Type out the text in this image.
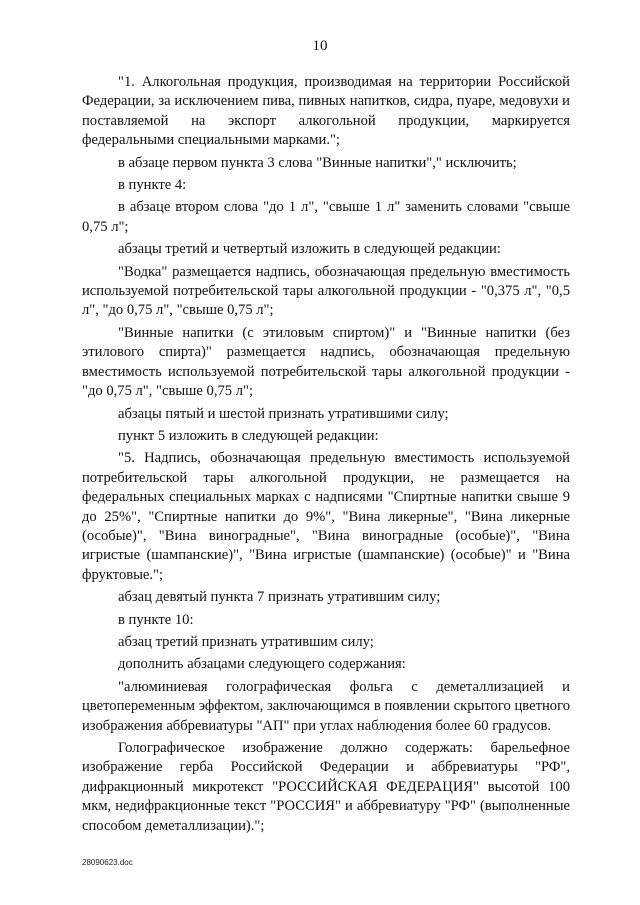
10

"1. Алкогольная продукция, производимая на территории Российской Федерации, за исключением пива, пивных напитков, сидра, пуаре, медовухи и поставляемой на экспорт алкогольной продукции, маркируется федеральными специальными марками.";

в абзаце первом пункта 3 слова "Винные напитки"," исключить;

в пункте 4:

в абзаце втором слова "до 1 л", "свыше 1 л" заменить словами "свыше 0,75 л";

абзацы третий и четвертый изложить в следующей редакции:

"Водка" размещается надпись, обозначающая предельную вместимость используемой потребительской тары алкогольной продукции - "0,375 л", "0,5 л", "до 0,75 л", "свыше 0,75 л";

"Винные напитки (с этиловым спиртом)" и "Винные напитки (без этилового спирта)" размещается надпись, обозначающая предельную вместимость используемой потребительской тары алкогольной продукции - "до 0,75 л", "свыше 0,75 л";

абзацы пятый и шестой признать утратившими силу;

пункт 5 изложить в следующей редакции:

"5. Надпись, обозначающая предельную вместимость используемой потребительской тары алкогольной продукции, не размещается на федеральных специальных марках с надписями "Спиртные напитки свыше 9 до 25%", "Спиртные напитки до 9%", "Вина ликерные", "Вина ликерные (особые)", "Вина виноградные", "Вина виноградные (особые)", "Вина игристые (шампанские)", "Вина игристые (шампанские) (особые)" и "Вина фруктовые.";

абзац девятый пункта 7 признать утратившим силу;

в пункте 10:

абзац третий признать утратившим силу;

дополнить абзацами следующего содержания:

"алюминиевая голографическая фольга с деметаллизацией и цветопеременным эффектом, заключающимся в появлении скрытого цветного изображения аббревиатуры "АП" при углах наблюдения более 60 градусов.

Голографическое изображение должно содержать: барельефное изображение герба Российской Федерации и аббревиатуры "РФ", дифракционный микротекст "РОССИЙСКАЯ ФЕДЕРАЦИЯ" высотой 100 мкм, недифракционные текст "РОССИЯ" и аббревиатуру "РФ" (выполненные способом деметаллизации).";

28090623.doc
